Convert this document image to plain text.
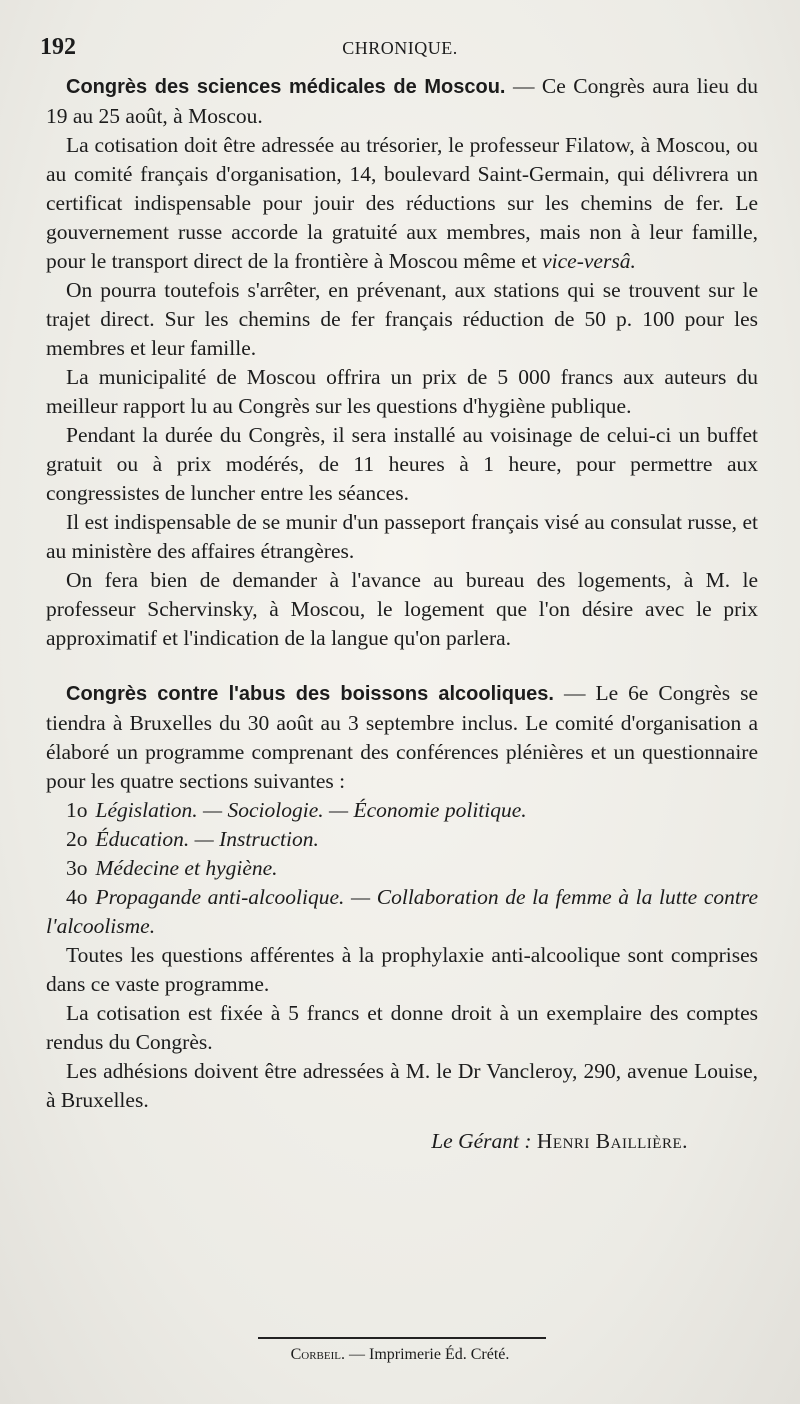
192	CHRONIQUE.

Congrès des sciences médicales de Moscou. — Ce Congrès aura lieu du 19 au 25 août, à Moscou.

La cotisation doit être adressée au trésorier, le professeur Filatow, à Moscou, ou au comité français d'organisation, 14, boulevard Saint-Germain, qui délivrera un certificat indispensable pour jouir des réductions sur les chemins de fer. Le gouvernement russe accorde la gratuité aux membres, mais non à leur famille, pour le transport direct de la frontière à Moscou même et vice-versâ.

On pourra toutefois s'arrêter, en prévenant, aux stations qui se trouvent sur le trajet direct. Sur les chemins de fer français réduction de 50 p. 100 pour les membres et leur famille.

La municipalité de Moscou offrira un prix de 5 000 francs aux auteurs du meilleur rapport lu au Congrès sur les questions d'hygiène publique.

Pendant la durée du Congrès, il sera installé au voisinage de celui-ci un buffet gratuit ou à prix modérés, de 11 heures à 1 heure, pour permettre aux congressistes de luncher entre les séances.

Il est indispensable de se munir d'un passeport français visé au consulat russe, et au ministère des affaires étrangères.

On fera bien de demander à l'avance au bureau des logements, à M. le professeur Schervinsky, à Moscou, le logement que l'on désire avec le prix approximatif et l'indication de la langue qu'on parlera.

Congrès contre l'abus des boissons alcooliques. — Le 6e Congrès se tiendra à Bruxelles du 30 août au 3 septembre inclus. Le comité d'organisation a élaboré un programme comprenant des conférences plénières et un questionnaire pour les quatre sections suivantes :

1o Législation. — Sociologie. — Économie politique.
2o Éducation. — Instruction.
3o Médecine et hygiène.
4o Propagande anti-alcoolique. — Collaboration de la femme à la lutte contre l'alcoolisme.

Toutes les questions afférentes à la prophylaxie anti-alcoolique sont comprises dans ce vaste programme.

La cotisation est fixée à 5 francs et donne droit à un exemplaire des comptes rendus du Congrès.

Les adhésions doivent être adressées à M. le Dr Vancleroy, 290, avenue Louise, à Bruxelles.

Le Gérant : Henri Baillière.

Corbeil. — Imprimerie Éd. Crété.
